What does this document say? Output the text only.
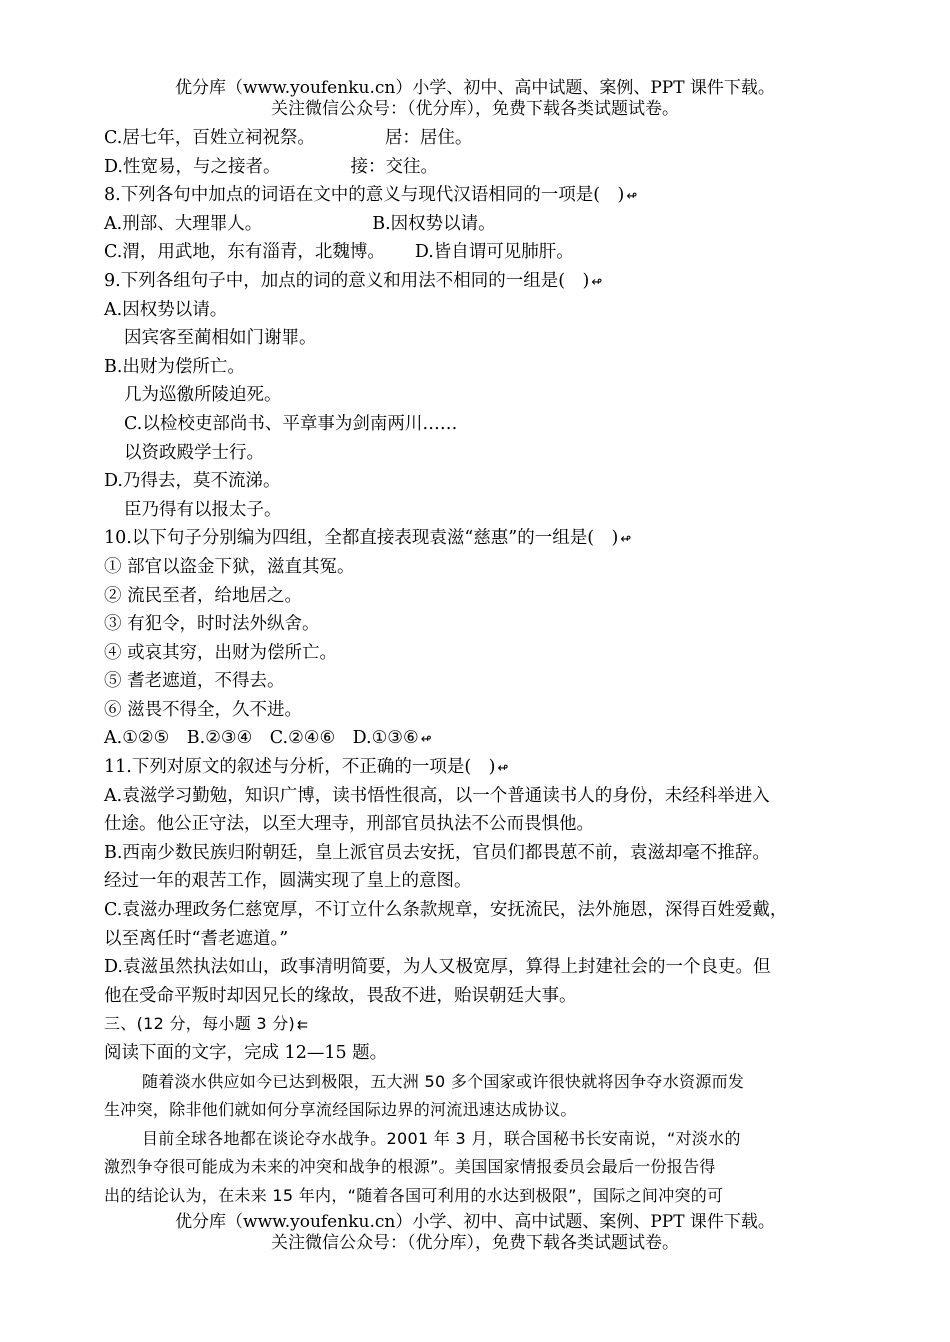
优分库（www.youfenku.cn）小学、初中、高中试题、案例、PPT 课件下载。
关注微信公众号：（优分库），免费下载各类试题试卷。
C.居七年，百姓立祠祝祭。	居：居住。
D.性宽易，与之接者。	接：交往。
8.下列各句中加点的词语在文中的意义与现代汉语相同的一项是(　) ↫
A.刑部、大理罪人。	B.因权势以请。
C.渭，用武地，东有淄青，北魏博。 D.皆自谓可见肺肝。
9.下列各组句子中，加点的词的意义和用法不相同的一组是(　) ↫
A.因权势以请。
因宾客至蔺相如门谢罪。
B.出财为偿所亡。
几为巡徼所陵迫死。
C.以检校吏部尚书、平章事为剑南两川……
以资政殿学士行。
D.乃得去，莫不流涕。
臣乃得有以报太子。
10.以下句子分别编为四组，全都直接表现袁滋“慈惠”的一组是(　) ↫
① 部官以盗金下狱，滋直其冤。
② 流民至者，给地居之。
③ 有犯令，时时法外纵舍。
④ 或哀其穷，出财为偿所亡。
⑤ 耆老遮道，不得去。
⑥ 滋畏不得全，久不进。
A.①②⑤　B.②③④　C.②④⑥　D.①③⑥ ↫
11.下列对原文的叙述与分析，不正确的一项是(　) ↫
A.袁滋学习勤勉，知识广博，读书悟性很高，以一个普通读书人的身份，未经科举进入
仕途。他公正守法，以至大理寺，刑部官员执法不公而畏惧他。
B.西南少数民族归附朝廷，皇上派官员去安抚，官员们都畏葸不前，袁滋却毫不推辞。
经过一年的艰苦工作，圆满实现了皇上的意图。
C.袁滋办理政务仁慈宽厚，不订立什么条款规章，安抚流民，法外施恩，深得百姓爱戴，
以至离任时“耆老遮道。”
D.袁滋虽然执法如山，政事清明简要，为人又极宽厚，算得上封建社会的一个良吏。但
他在受命平叛时却因兄长的缘故，畏敌不进，贻误朝廷大事。
三、(12 分，每小题 3 分) ⇇
阅读下面的文字，完成 12—15 题。
随着淡水供应如今已达到极限，五大洲 50 多个国家或许很快就将因争夺水资源而发
生冲突，除非他们就如何分享流经国际边界的河流迅速达成协议。
目前全球各地都在谈论夺水战争。2001 年 3 月，联合国秘书长安南说，“对淡水的
激烈争夺很可能成为未来的冲突和战争的根源”。美国国家情报委员会最后一份报告得
出的结论认为，在未来 15 年内，“随着各国可利用的水达到极限”，国际之间冲突的可
优分库（www.youfenku.cn）小学、初中、高中试题、案例、PPT 课件下载。
关注微信公众号：（优分库），免费下载各类试题试卷。
